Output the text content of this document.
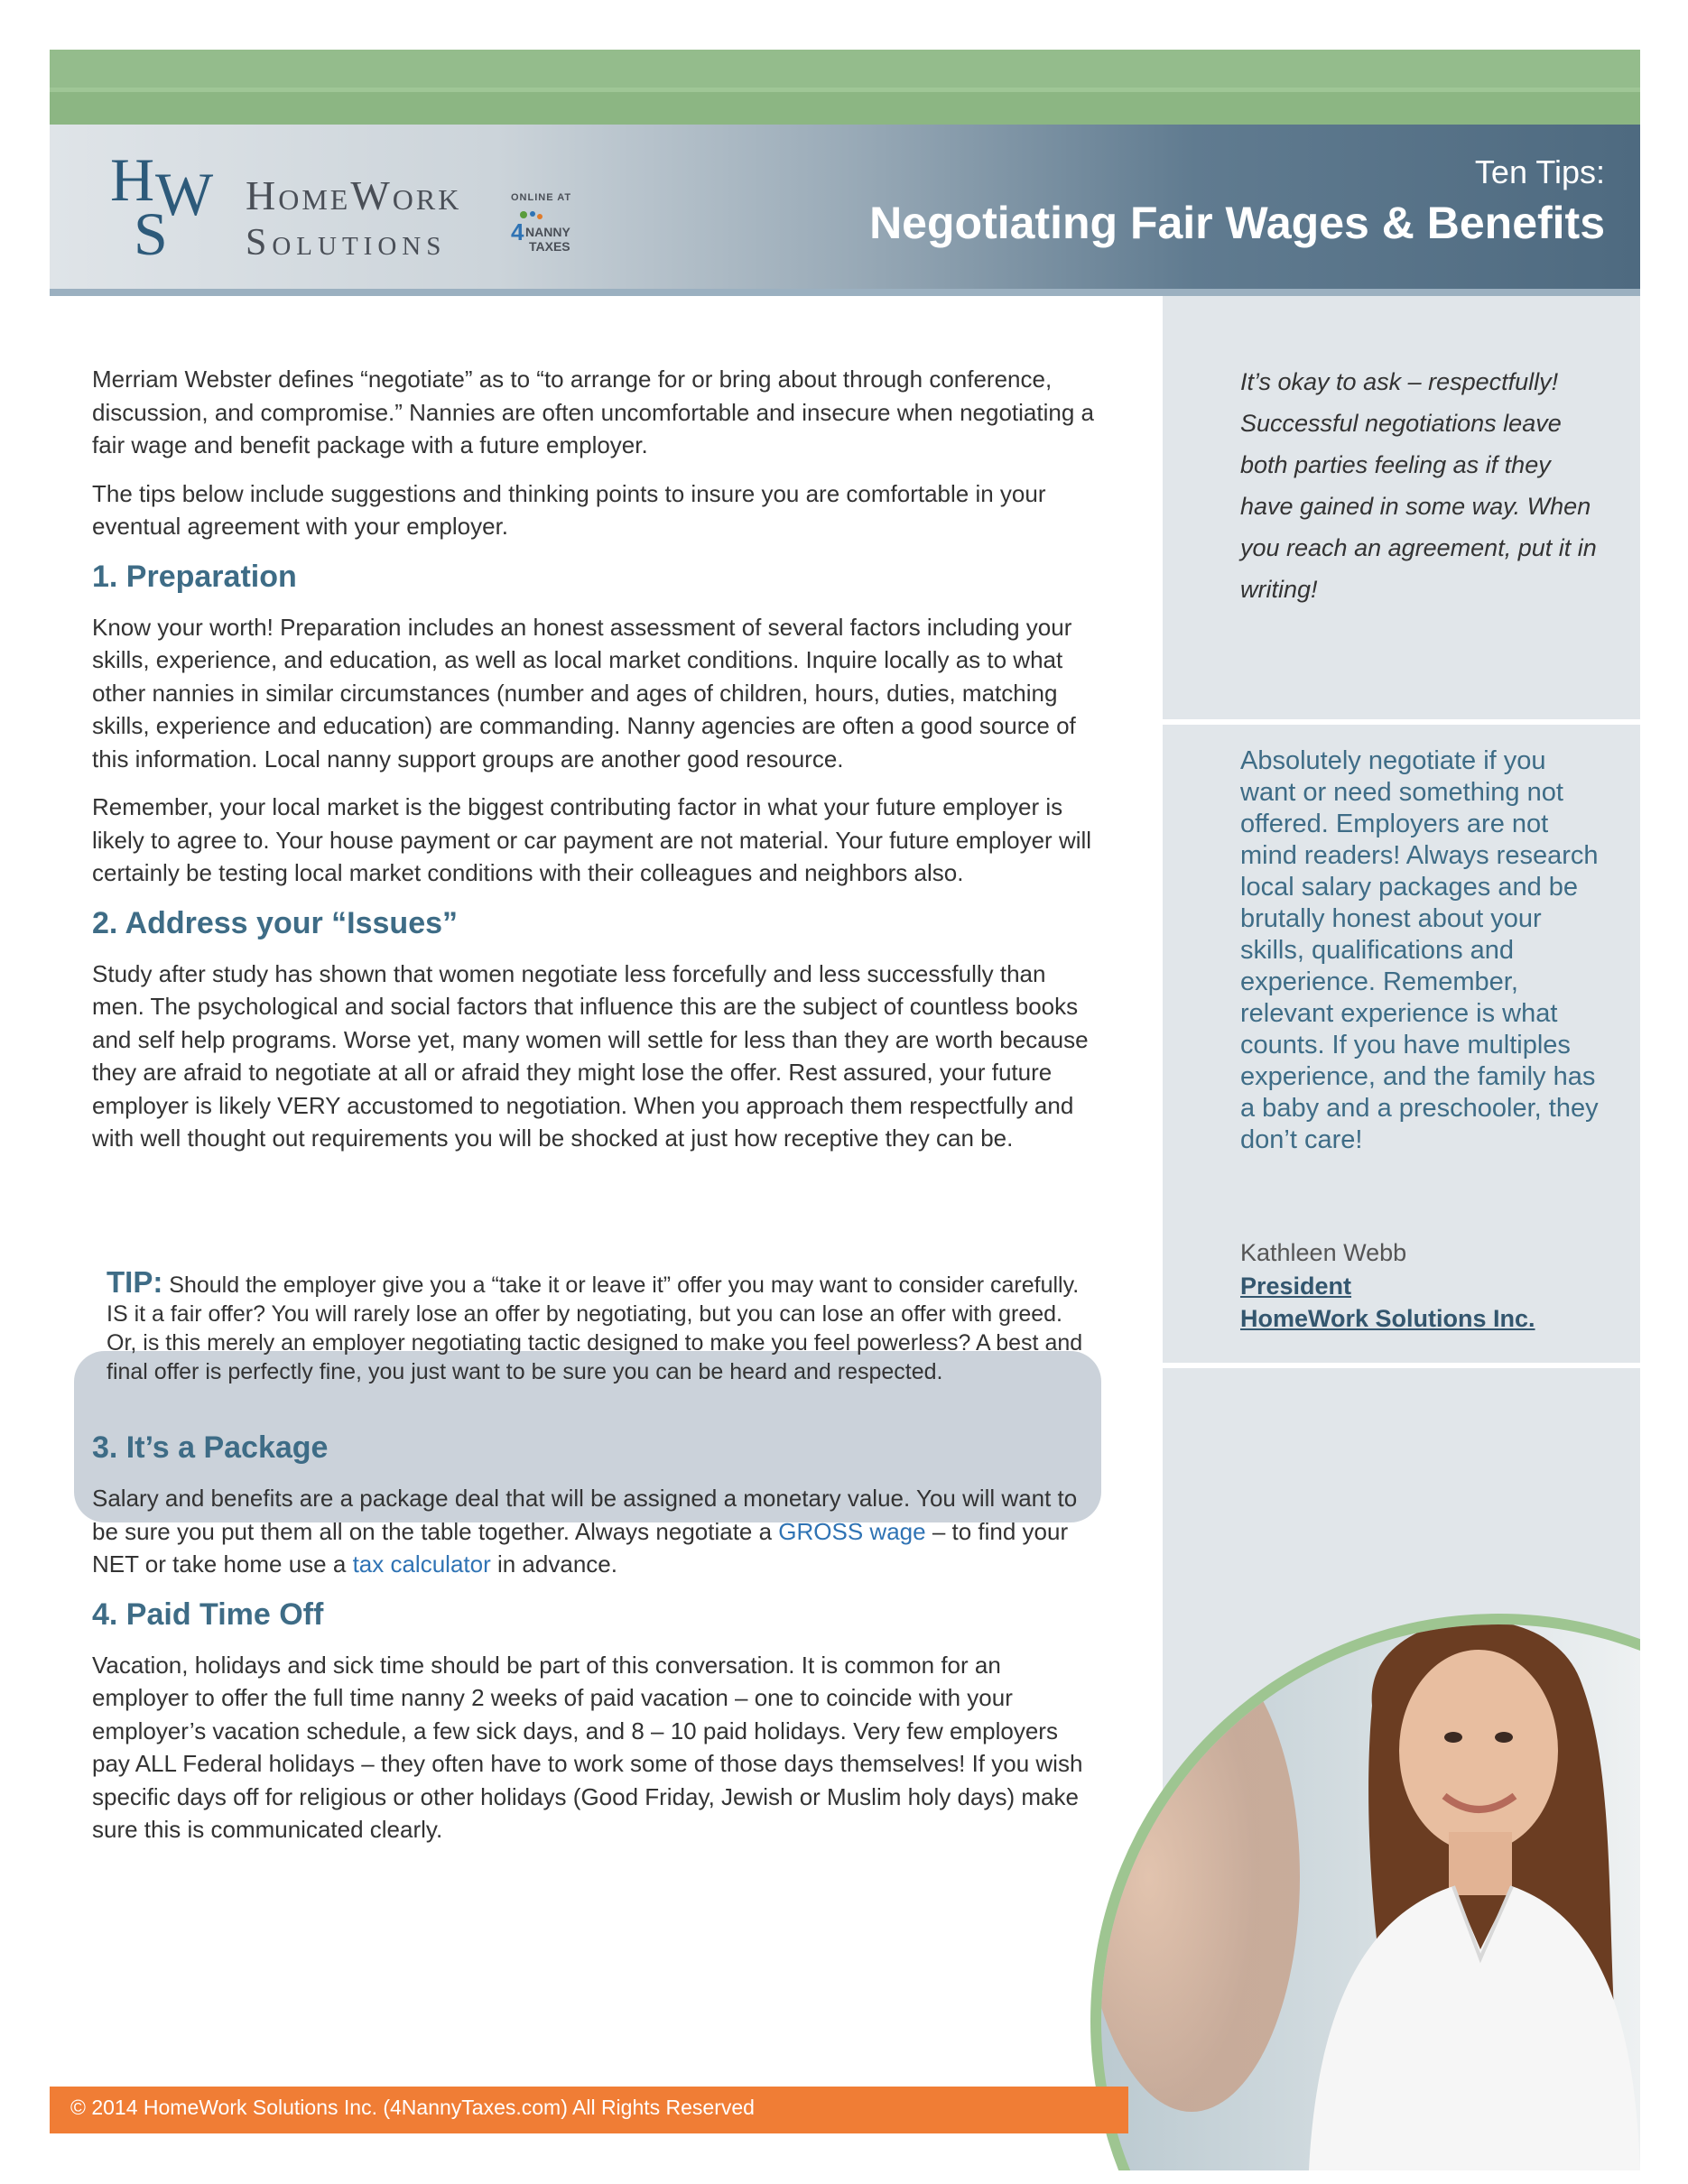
H W
S
HomeWork
Solutions
ONLINE AT
4 NANNY
TAXES
Ten Tips:
Negotiating Fair Wages & Benefits
It’s okay to ask – respectfully! Successful negotiations leave both parties feeling as if they have gained in some way. When you reach an agreement, put it in writing!
Absolutely negotiate if you want or need something not offered. Employers are not mind readers! Always research local salary packages and be brutally honest about your skills, qualifications and experience. Remember, relevant experience is what counts. If you have multiples experience, and the family has a baby and a preschooler, they don’t care!
Kathleen Webb
President
HomeWork Solutions Inc.

Merriam Webster defines “negotiate” as to “to arrange for or bring about through conference, discussion, and compromise.” Nannies are often uncomfortable and insecure when negotiating a fair wage and benefit package with a future employer.

The tips below include suggestions and thinking points to insure you are comfortable in your eventual agreement with your employer.

1. Preparation

Know your worth! Preparation includes an honest assessment of several factors including your skills, experience, and education, as well as local market conditions. Inquire locally as to what other nannies in similar circumstances (number and ages of children, hours, duties, matching skills, experience and education) are commanding. Nanny agencies are often a good source of this information. Local nanny support groups are another good resource.

Remember, your local market is the biggest contributing factor in what your future employer is likely to agree to. Your house payment or car payment are not material. Your future employer will certainly be testing local market conditions with their colleagues and neighbors also.

2. Address your “Issues”

Study after study has shown that women negotiate less forcefully and less successfully than men. The psychological and social factors that influence this are the subject of countless books and self help programs. Worse yet, many women will settle for less than they are worth because they are afraid to negotiate at all or afraid they might lose the offer. Rest assured, your future employer is likely VERY accustomed to negotiation. When you approach them respectfully and with well thought out requirements you will be shocked at just how receptive they can be.

TIP: Should the employer give you a “take it or leave it” offer you may want to consider carefully. IS it a fair offer? You will rarely lose an offer by negotiating, but you can lose an offer with greed. Or, is this merely an employer negotiating tactic designed to make you feel powerless? A best and final offer is perfectly fine, you just want to be sure you can be heard and respected.
3. It’s a Package

Salary and benefits are a package deal that will be assigned a monetary value. You will want to be sure you put them all on the table together. Always negotiate a GROSS wage – to find your NET or take home use a tax calculator in advance.

4. Paid Time Off

Vacation, holidays and sick time should be part of this conversation. It is common for an employer to offer the full time nanny 2 weeks of paid vacation – one to coincide with your employer’s vacation schedule, a few sick days, and 8 – 10 paid holidays. Very few employers pay ALL Federal holidays – they often have to work some of those days themselves! If you wish specific days off for religious or other holidays (Good Friday, Jewish or Muslim holy days) make sure this is communicated clearly.

© 2014 HomeWork Solutions Inc. (4NannyTaxes.com) All Rights Reserved
